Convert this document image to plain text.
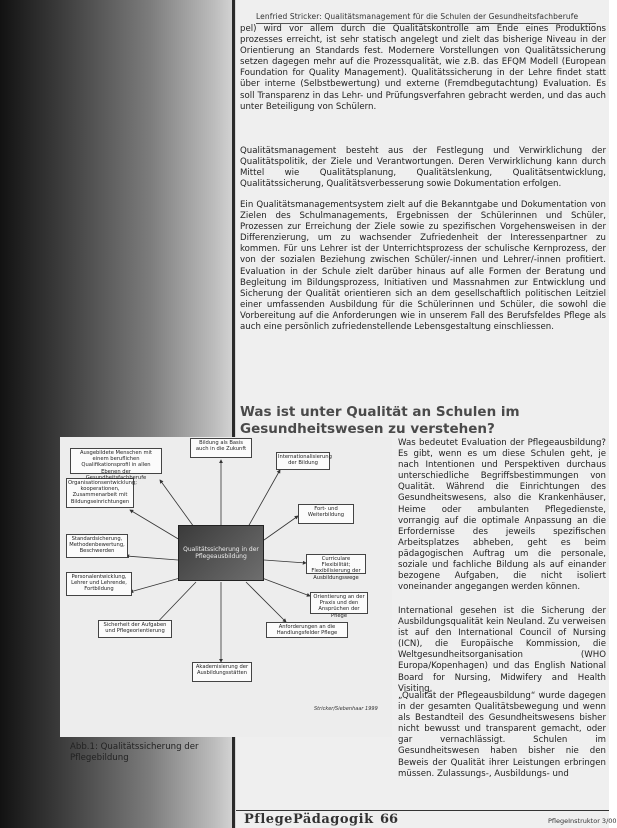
Lenfried Stricker: Qualitätsmanagement für die Schulen der Gesundheitsfachberufe

pel) wird vor allem durch die Qualitätskontrolle am Ende eines Produktions prozesses erreicht, ist sehr statisch angelegt und zielt das bisherige Niveau in der Orientierung an Standards fest. Modernere Vorstellungen von Qualitätssicherung setzen dagegen mehr auf die Prozessqualität, wie z.B. das EFQM Modell (European Foundation for Quality Management). Qualitätssicherung in der Lehre findet statt über interne (Selbstbewertung) und externe (Fremdbegutachtung) Evaluation. Es soll Transparenz in das Lehr- und Prüfungsverfahren gebracht werden, und das auch unter Beteiligung von Schülern.

Qualitätsmanagement besteht aus der Festlegung und Verwirklichung der Qualitätspolitik, der Ziele und Verantwortungen. Deren Verwirklichung kann durch Mittel wie Qualitätsplanung, Qualitätslenkung, Qualitätsentwicklung, Qualitätssicherung, Qualitätsverbesserung sowie Dokumentation erfolgen.

Ein Qualitätsmanagementsystem zielt auf die Bekanntgabe und Dokumentation von Zielen des Schulmanagements, Ergebnissen der Schülerinnen und Schüler, Prozessen zur Erreichung der Ziele sowie zu spezifischen Vorgehensweisen in der Differenzierung, um zu wachsender Zufriedenheit der Interessenpartner zu kommen. Für uns Lehrer ist der Unterrichtsprozess der schulische Kernprozess, der von der sozialen Beziehung zwischen Schüler/-innen und Lehrer/-innen profitiert. Evaluation in der Schule zielt darüber hinaus auf alle Formen der Beratung und Begleitung im Bildungsprozess, Initiativen und Massnahmen zur Entwicklung und Sicherung der Qualität orientieren sich an dem gesellschaftlich politischen Leitziel einer umfassenden Ausbildung für die Schülerinnen und Schüler, die sowohl die Vorbereitung auf die Anforderungen wie in unserem Fall des Berufsfeldes Pflege als auch eine persönlich zufriedenstellende Lebensgestaltung einschliessen.

Was ist unter Qualität an Schulen im Gesundheitswesen zu verstehen?

Was bedeutet Evaluation der Pflegeausbildung? Es gibt, wenn es um diese Schulen geht, je nach Intentionen und Perspektiven durchaus unterschiedliche Begriffsbestimmungen von Qualität. Während die Einrichtungen des Gesundheitswesens, also die Krankenhäuser, Heime oder ambulanten Pflegedienste, vorrangig auf die optimale Anpassung an die Erfordernisse des jeweils spezifischen Arbeitsplatzes abheben, geht es beim pädagogischen Auftrag um die personale, soziale und fachliche Bildung als auf einander bezogene Aufgaben, die nicht isoliert voneinander angegangen werden können.

International gesehen ist die Sicherung der Ausbildungsqualität kein Neuland. Zu verweisen ist auf den International Council of Nursing (ICN), die Europäische Kommission, die Weltgesundheitsorganisation (WHO Europa/Kopenhagen) und das English National Board for Nursing, Midwifery and Health Visiting.

„Qualität der Pflegeausbildung“ wurde dagegen in der gesamten Qualitätsbewegung und wenn als Bestandteil des Gesundheitswesens bisher nicht bewusst und transparent gemacht, oder gar vernachlässigt. Schulen im Gesundheitswesen haben bisher nie den Beweis der Qualität ihrer Leistungen erbringen müssen. Zulassungs-, Ausbildungs- und

Qualitätssicherung in der Pflegeausbildung
Bildung als Basis auch in die Zukunft
Internationalisierung der Bildung
Fort- und Weiterbildung
Curriculare Flexibilität; Flexibilisierung der Ausbildungswege
Orientierung an der Praxis und den Ansprüchen der Pflege
Anforderungen an die Handlungsfelder Pflege
Akademisierung der Ausbildungsstätten
Sicherheit der Aufgaben und Pflegeorientierung
Personalentwicklung, Lehrer und Lehrende, Fortbildung
Standardsicherung, Methodenbewertung, Beschwerden
Organisationsentwicklung; kooperationen, Zusammenarbeit mit Bildungseinrichtungen
Ausgebildete Menschen mit einem beruflichen Qualifikationsprofil in allen Ebenen der Gesundheitsfachberufe
Stricker/Siebenhaar 1999
Abb.1: Qualitätssicherung der Pflegebildung
PflegePädagogik 66	PflegeInstruktor 3/00
